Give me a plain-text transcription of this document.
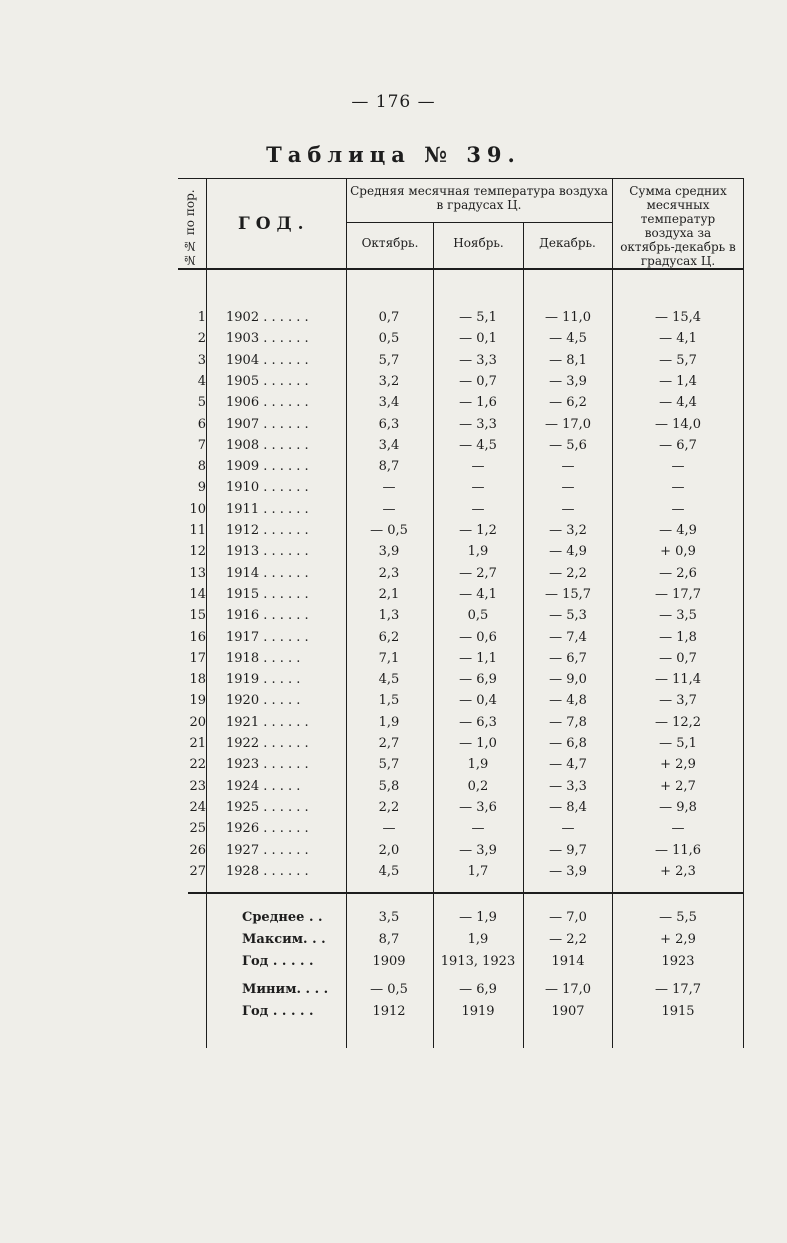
— 176 —
Таблица № 39.
№№ по пор.	ГОД.
Средняя месячная температура воздуха в градусах Ц.
Октябрь.	Ноябрь.	Декабрь.
Сумма средних месячных температур воздуха за октябрь-декабрь в градусах Ц.
1 1902 . . . . . .	0,7	— 5,1	— 11,0	— 15,4
2 1903 . . . . . .	0,5	— 0,1	— 4,5	— 4,1
3 1904 . . . . . .	5,7	— 3,3	— 8,1	— 5,7
4 1905 . . . . . .	3,2	— 0,7	— 3,9	— 1,4
5 1906 . . . . . .	3,4	— 1,6	— 6,2	— 4,4
6 1907 . . . . . .	6,3	— 3,3	— 17,0	— 14,0
7 1908 . . . . . .	3,4	— 4,5	— 5,6	— 6,7
8 1909 . . . . . .	8,7	—	—	—
9 1910 . . . . . .	—	—	—	—
10 1911 . . . . . .	—	—	—	—
11 1912 . . . . . .	— 0,5	— 1,2	— 3,2	— 4,9
12 1913 . . . . . .	3,9	1,9	— 4,9	+ 0,9
13 1914 . . . . . .	2,3	— 2,7	— 2,2	— 2,6
14 1915 . . . . . .	2,1	— 4,1	— 15,7	— 17,7
15 1916 . . . . . .	1,3	0,5	— 5,3	— 3,5
16 1917 . . . . . .	6,2	— 0,6	— 7,4	— 1,8
17 1918 . . . . .	7,1	— 1,1	— 6,7	— 0,7
18 1919 . . . . .	4,5	— 6,9	— 9,0	— 11,4
19 1920 . . . . .	1,5	— 0,4	— 4,8	— 3,7
20 1921 . . . . . .	1,9	— 6,3	— 7,8	— 12,2
21 1922 . . . . . .	2,7	— 1,0	— 6,8	— 5,1
22 1923 . . . . . .	5,7	1,9	— 4,7	+ 2,9
23 1924 . . . . .	5,8	0,2	— 3,3	+ 2,7
24 1925 . . . . . .	2,2	— 3,6	— 8,4	— 9,8
25 1926 . . . . . .	—	—	—	—
26 1927 . . . . . .	2,0	— 3,9	— 9,7	— 11,6
27 1928 . . . . . .	4,5	1,7	— 3,9	+ 2,3
Среднее . .	3,5	— 1,9	— 7,0	— 5,5
Максим. . .	8,7	1,9	— 2,2	+ 2,9
Год . . . . .	1909	1913, 1923	1914	1923
Миним. . . .	— 0,5	— 6,9	— 17,0	— 17,7
Год . . . . .	1912	1919	1907	1915
